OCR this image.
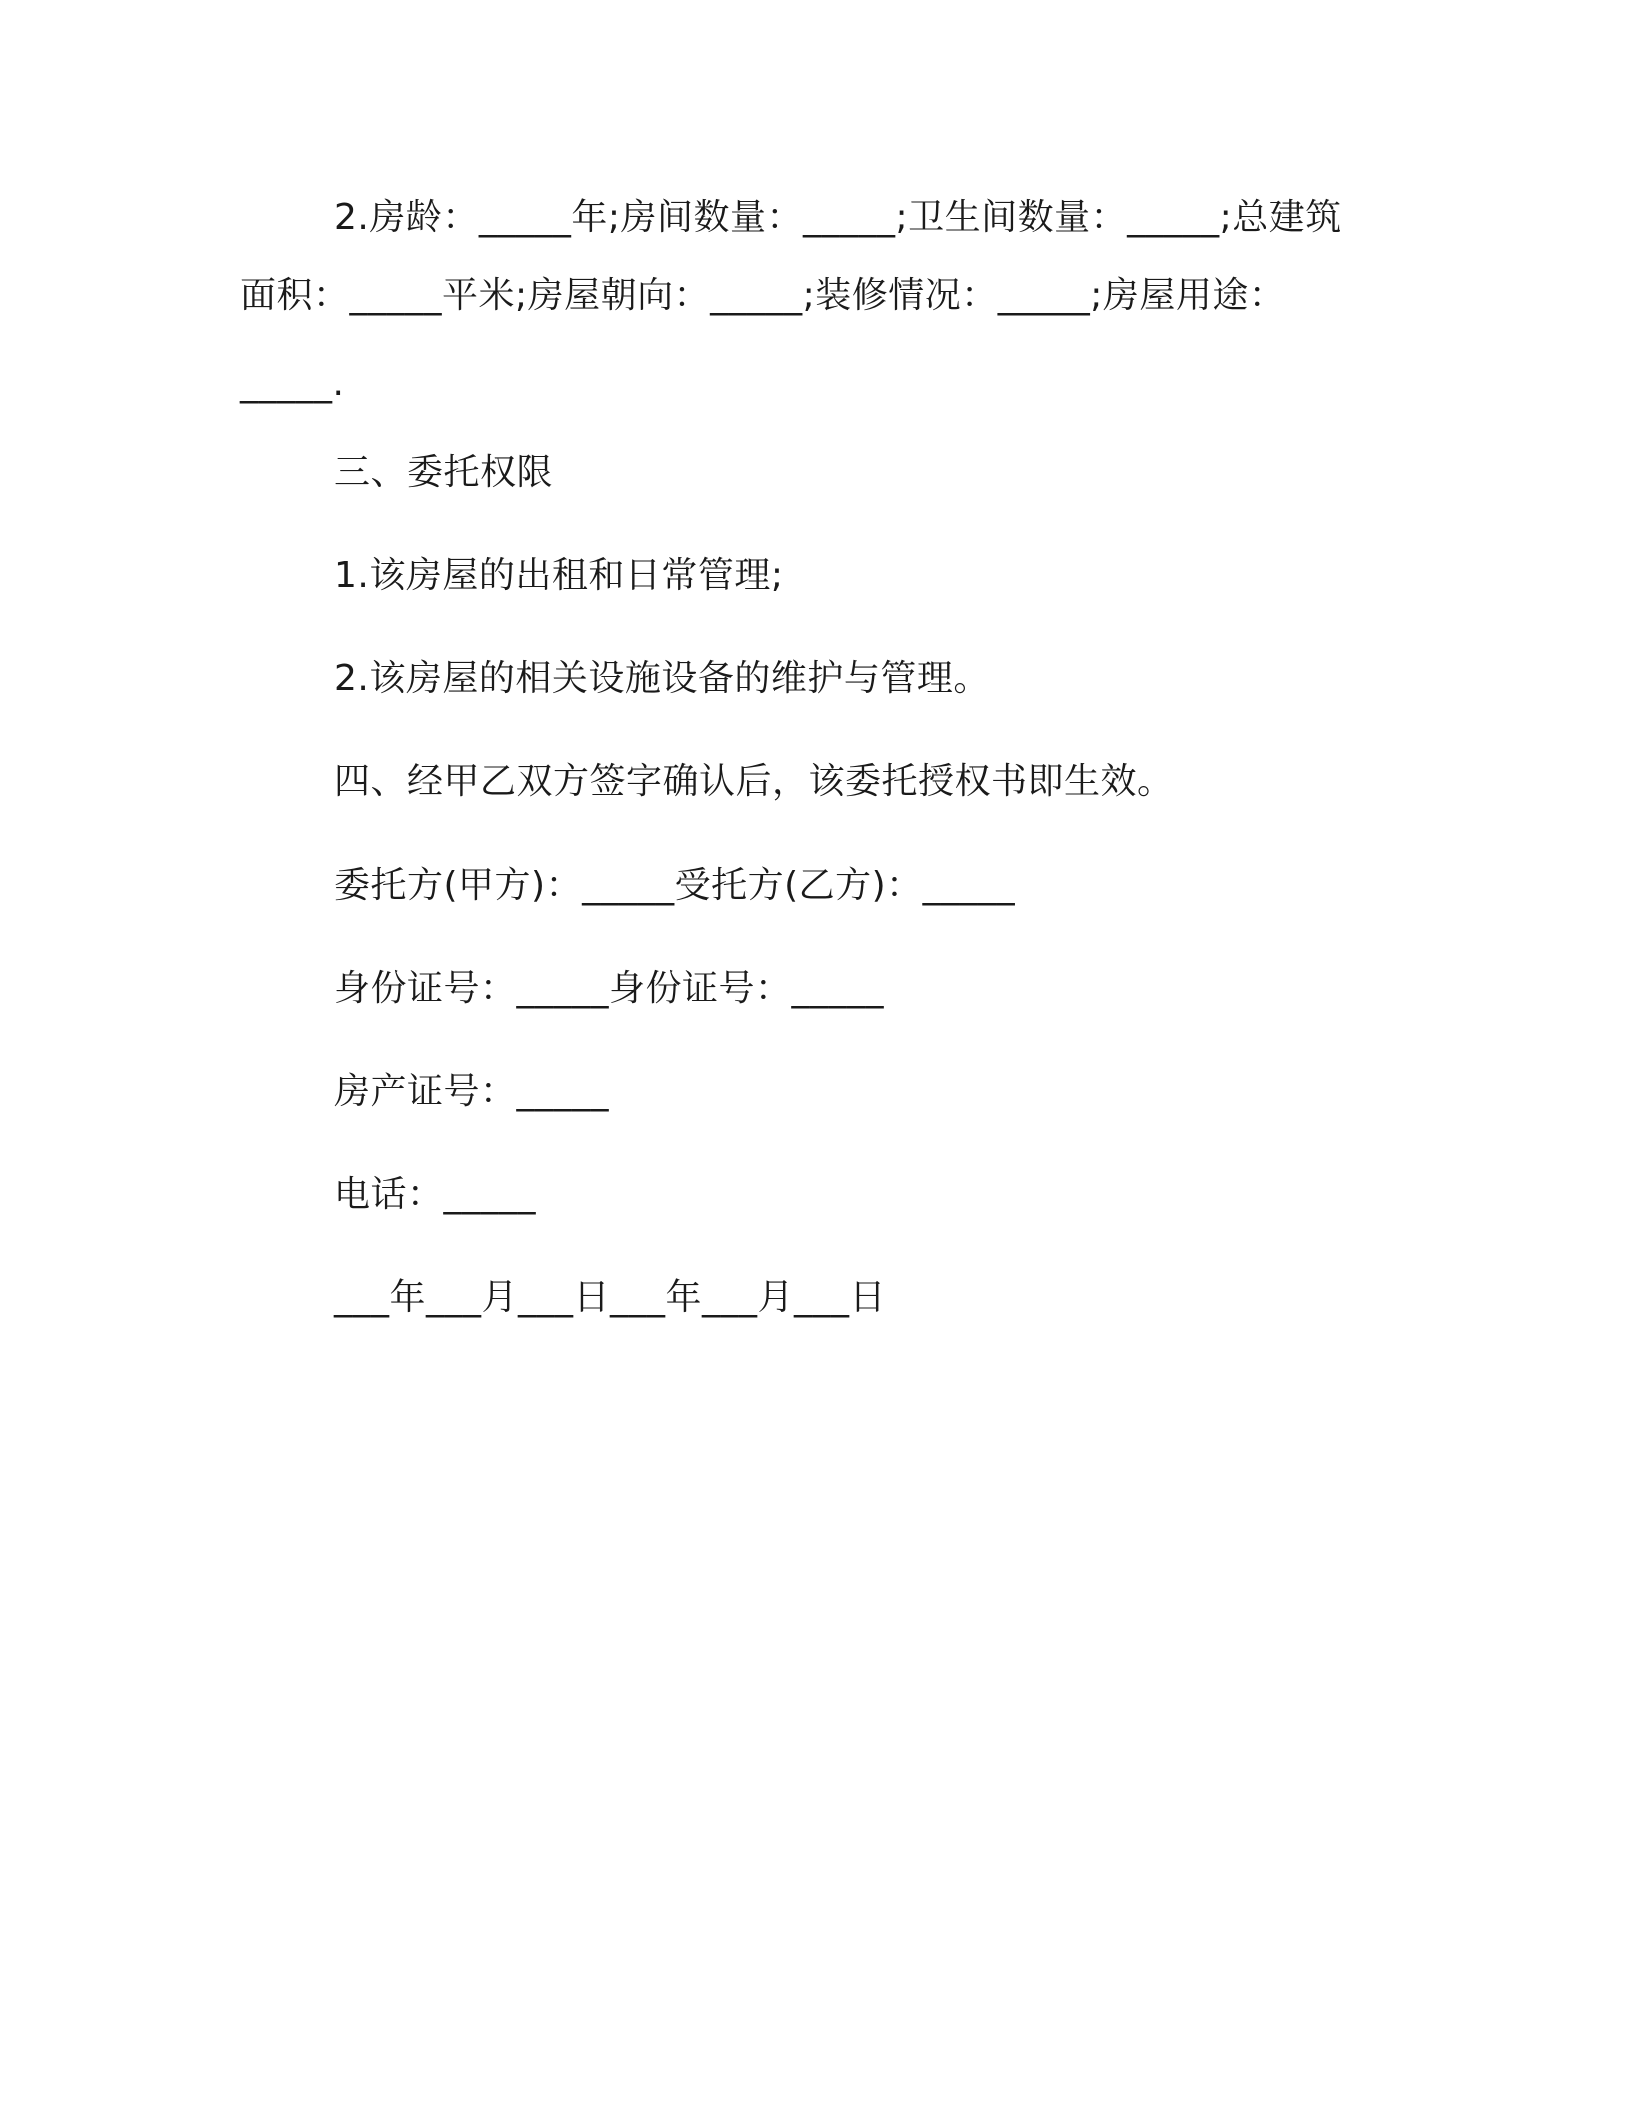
2.房龄：_____年;房间数量：_____;卫生间数量：_____;总建筑

面积：_____平米;房屋朝向：_____;装修情况：_____;房屋用途：

_____.

三、委托权限

1.该房屋的出租和日常管理;

2.该房屋的相关设施设备的维护与管理。

四、经甲乙双方签字确认后，该委托授权书即生效。

委托方(甲方)：_____受托方(乙方)：_____

身份证号：_____身份证号：_____

房产证号：_____

电话：_____

___年___月___日___年___月___日
